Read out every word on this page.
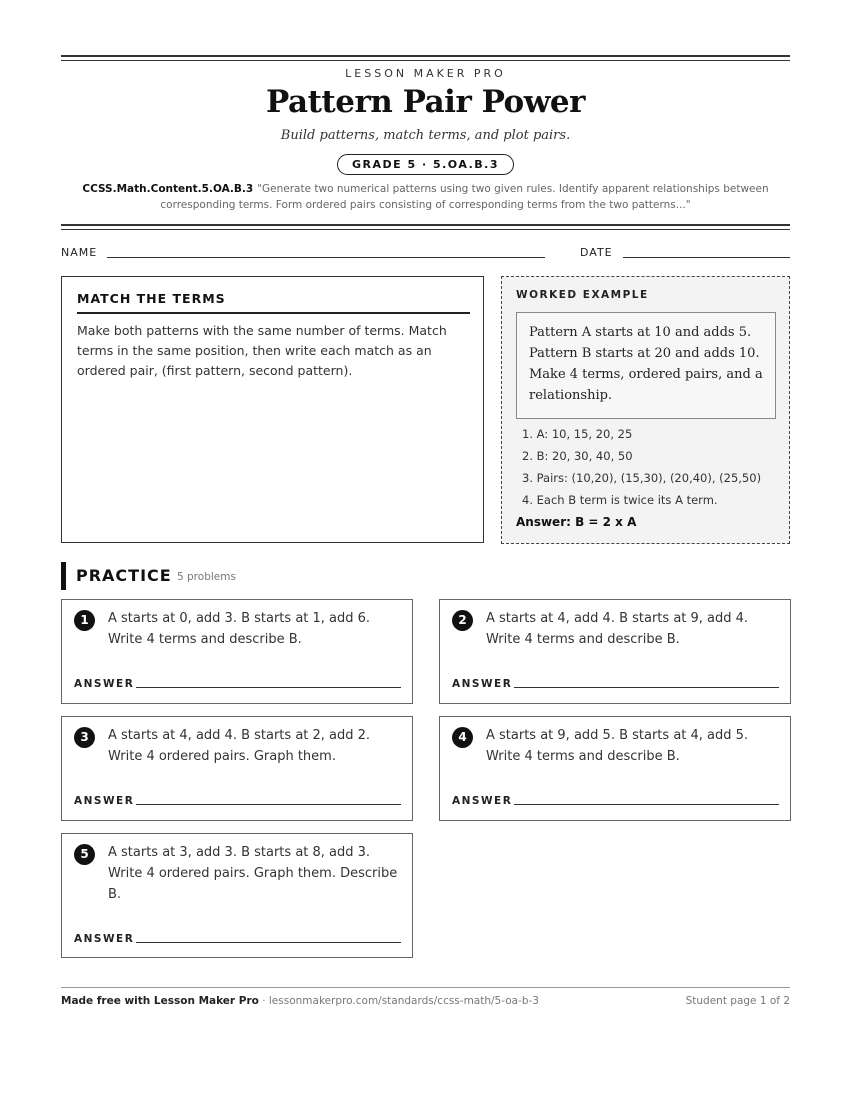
LESSON MAKER PRO
Pattern Pair Power
Build patterns, match terms, and plot pairs.
GRADE 5 · 5.OA.B.3
CCSS.Math.Content.5.OA.B.3 "Generate two numerical patterns using two given rules. Identify apparent relationships between corresponding terms. Form ordered pairs consisting of corresponding terms from the two patterns..."
NAME	DATE
MATCH THE TERMS
Make both patterns with the same number of terms. Match terms in the same position, then write each match as an ordered pair, (first pattern, second pattern).
WORKED EXAMPLE
Pattern A starts at 10 and adds 5. Pattern B starts at 20 and adds 10. Make 4 terms, ordered pairs, and a relationship.
1. A: 10, 15, 20, 25
2. B: 20, 30, 40, 50
3. Pairs: (10,20), (15,30), (20,40), (25,50)
4. Each B term is twice its A term.
Answer: B = 2 x A
PRACTICE 5 problems
1	A starts at 0, add 3. B starts at 1, add 6. Write 4 terms and describe B.
ANSWER
2	A starts at 4, add 4. B starts at 9, add 4. Write 4 terms and describe B.
ANSWER
3	A starts at 4, add 4. B starts at 2, add 2. Write 4 ordered pairs. Graph them.
ANSWER
4	A starts at 9, add 5. B starts at 4, add 5. Write 4 terms and describe B.
ANSWER
5	A starts at 3, add 3. B starts at 8, add 3. Write 4 ordered pairs. Graph them. Describe B.
ANSWER
Made free with Lesson Maker Pro · lessonmakerpro.com/standards/ccss-math/5-oa-b-3	Student page 1 of 2
